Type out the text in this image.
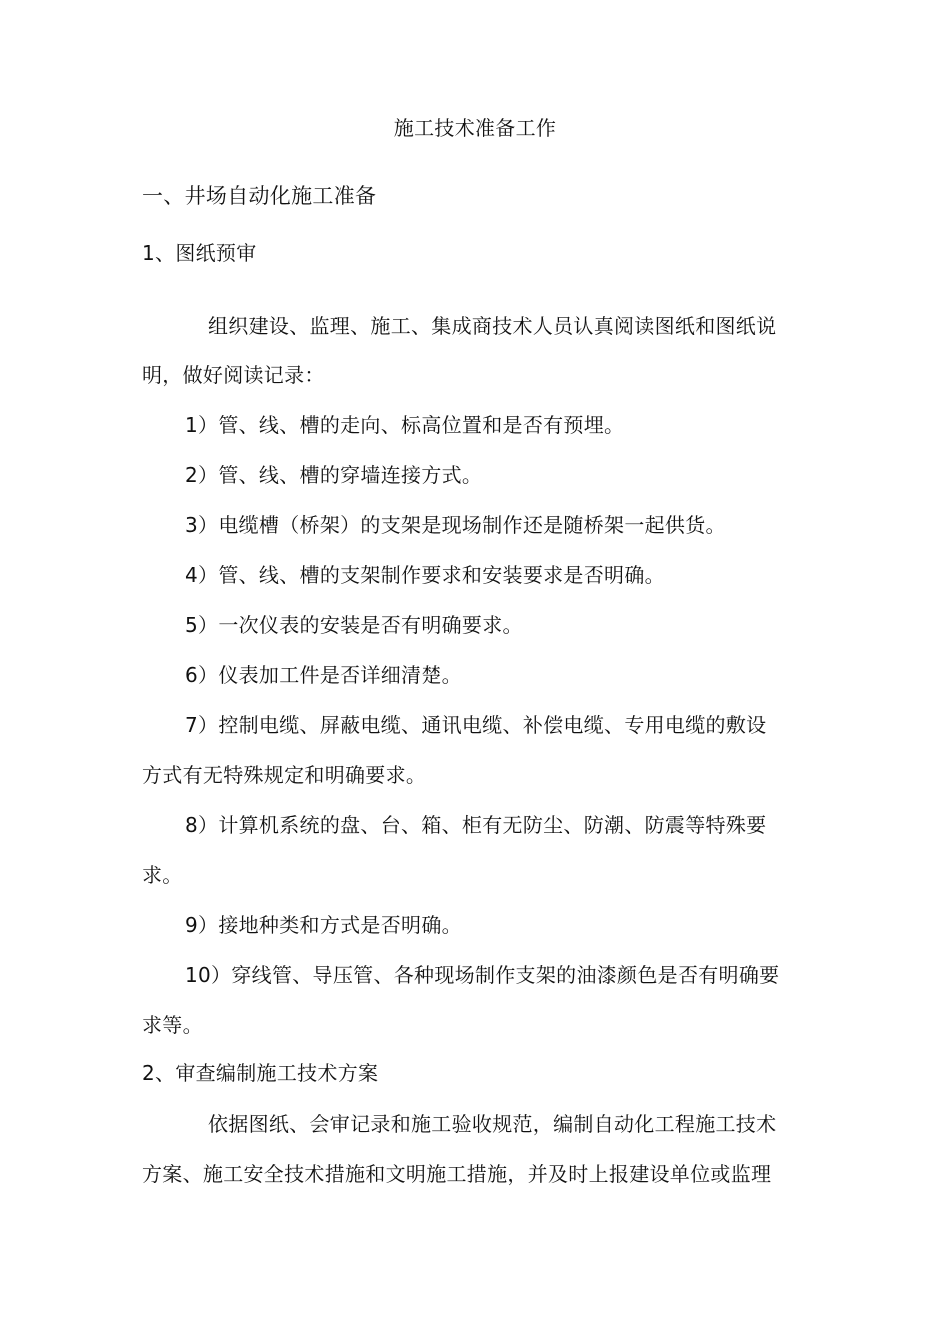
施工技术准备工作
一、井场自动化施工准备
1、图纸预审
组织建设、监理、施工、集成商技术人员认真阅读图纸和图纸说
明，做好阅读记录：
1）管、线、槽的走向、标高位置和是否有预埋。
2）管、线、槽的穿墙连接方式。
3）电缆槽（桥架）的支架是现场制作还是随桥架一起供货。
4）管、线、槽的支架制作要求和安装要求是否明确。
5）一次仪表的安装是否有明确要求。
6）仪表加工件是否详细清楚。
7）控制电缆、屏蔽电缆、通讯电缆、补偿电缆、专用电缆的敷设
方式有无特殊规定和明确要求。
8）计算机系统的盘、台、箱、柜有无防尘、防潮、防震等特殊要
求。
9）接地种类和方式是否明确。
10）穿线管、导压管、各种现场制作支架的油漆颜色是否有明确要
求等。
2、审查编制施工技术方案
依据图纸、会审记录和施工验收规范，编制自动化工程施工技术
方案、施工安全技术措施和文明施工措施，并及时上报建设单位或监理
